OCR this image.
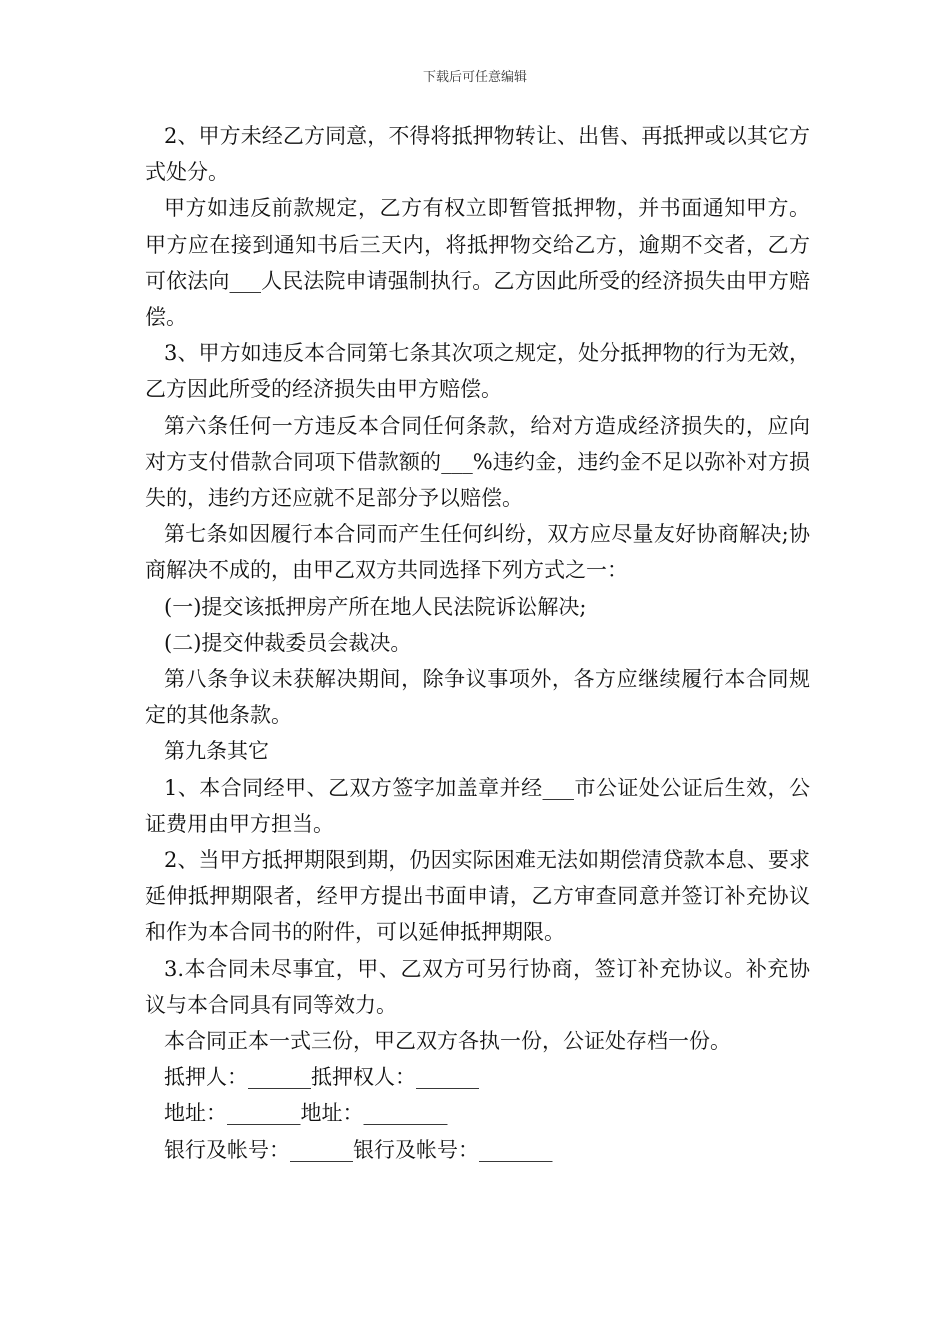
下载后可任意编辑

2、甲方未经乙方同意，不得将抵押物转让、出售、再抵押或以其它方式处分。

甲方如违反前款规定，乙方有权立即暂管抵押物，并书面通知甲方。甲方应在接到通知书后三天内，将抵押物交给乙方，逾期不交者，乙方可依法向___人民法院申请强制执行。乙方因此所受的经济损失由甲方赔偿。

3、甲方如违反本合同第七条其次项之规定，处分抵押物的行为无效，乙方因此所受的经济损失由甲方赔偿。

第六条任何一方违反本合同任何条款，给对方造成经济损失的，应向对方支付借款合同项下借款额的___%违约金，违约金不足以弥补对方损失的，违约方还应就不足部分予以赔偿。

第七条如因履行本合同而产生任何纠纷，双方应尽量友好协商解决;协商解决不成的，由甲乙双方共同选择下列方式之一：

(一)提交该抵押房产所在地人民法院诉讼解决;

(二)提交仲裁委员会裁决。

第八条争议未获解决期间，除争议事项外，各方应继续履行本合同规定的其他条款。

第九条其它

1、本合同经甲、乙双方签字加盖章并经___市公证处公证后生效，公证费用由甲方担当。

2、当甲方抵押期限到期，仍因实际困难无法如期偿清贷款本息、要求延伸抵押期限者，经甲方提出书面申请，乙方审查同意并签订补充协议和作为本合同书的附件，可以延伸抵押期限。

3.本合同未尽事宜，甲、乙双方可另行协商，签订补充协议。补充协议与本合同具有同等效力。

本合同正本一式三份，甲乙双方各执一份，公证处存档一份。

抵押人：______抵押权人：______

地址：_______地址：________

银行及帐号：______银行及帐号：_______
